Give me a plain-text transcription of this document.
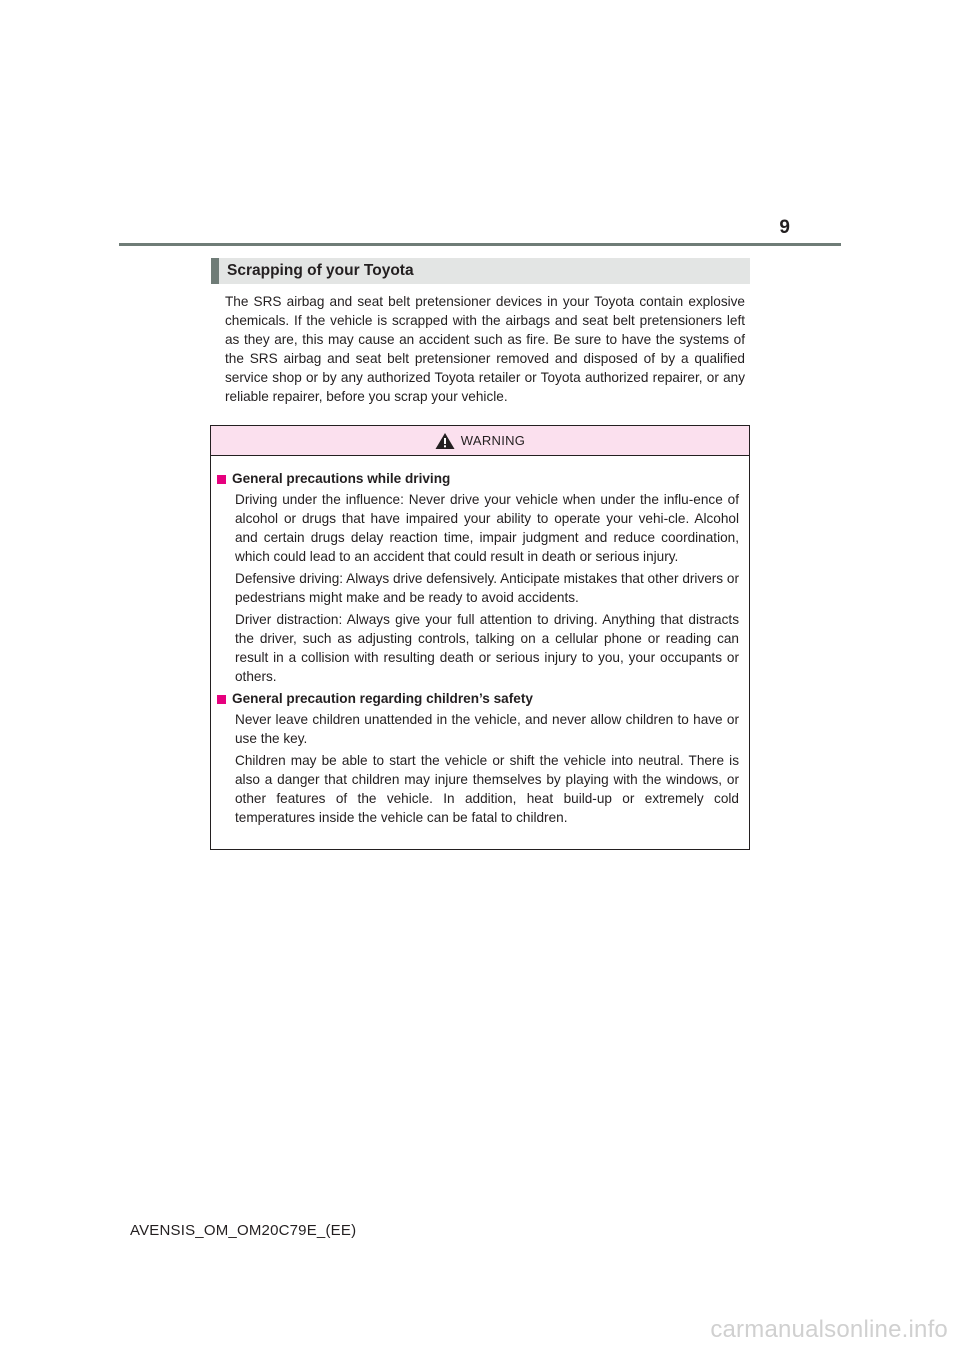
9
Scrapping of your Toyota

The SRS airbag and seat belt pretensioner devices in your Toyota contain explosive chemicals. If the vehicle is scrapped with the airbags and seat belt pretensioners left as they are, this may cause an accident such as fire. Be sure to have the systems of the SRS airbag and seat belt pretensioner removed and disposed of by a qualified service shop or by any authorized Toyota retailer or Toyota authorized repairer, or any reliable repairer, before you scrap your vehicle.

WARNING
General precautions while driving

Driving under the influence: Never drive your vehicle when under the influ-ence of alcohol or drugs that have impaired your ability to operate your vehi-cle. Alcohol and certain drugs delay reaction time, impair judgment and reduce coordination, which could lead to an accident that could result in death or serious injury.

Defensive driving: Always drive defensively. Anticipate mistakes that other drivers or pedestrians might make and be ready to avoid accidents.

Driver distraction: Always give your full attention to driving. Anything that distracts the driver, such as adjusting controls, talking on a cellular phone or reading can result in a collision with resulting death or serious injury to you, your occupants or others.

General precaution regarding children’s safety

Never leave children unattended in the vehicle, and never allow children to have or use the key.

Children may be able to start the vehicle or shift the vehicle into neutral. There is also a danger that children may injure themselves by playing with the windows, or other features of the vehicle. In addition, heat build-up or extremely cold temperatures inside the vehicle can be fatal to children.

AVENSIS_OM_OM20C79E_(EE)
carmanualsonline.info
